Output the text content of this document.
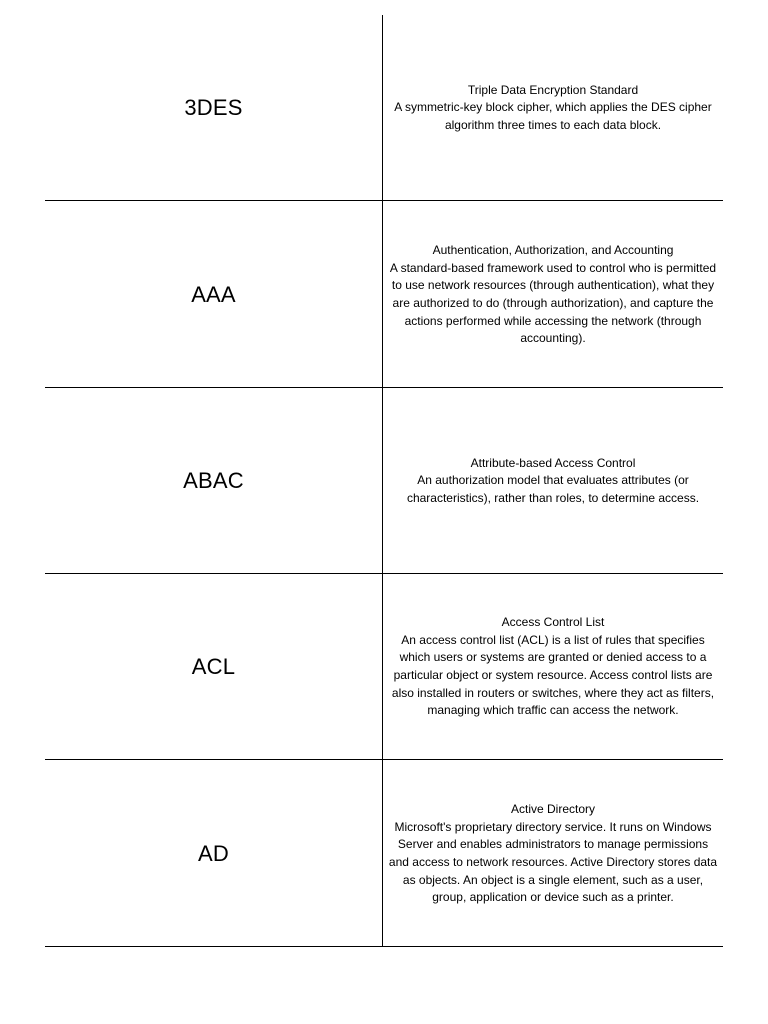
3DES
Triple Data Encryption Standard
A symmetric-key block cipher, which applies the DES cipher algorithm three times to each data block.
AAA
Authentication, Authorization, and Accounting
A standard-based framework used to control who is permitted to use network resources (through authentication), what they are authorized to do (through authorization), and capture the actions performed while accessing the network (through accounting).
ABAC
Attribute-based Access Control
An authorization model that evaluates attributes (or characteristics), rather than roles, to determine access.
ACL
Access Control List
An access control list (ACL) is a list of rules that specifies which users or systems are granted or denied access to a particular object or system resource. Access control lists are also installed in routers or switches, where they act as filters, managing which traffic can access the network.
AD
Active Directory
Microsoft's proprietary directory service. It runs on Windows Server and enables administrators to manage permissions and access to network resources. Active Directory stores data as objects. An object is a single element, such as a user, group, application or device such as a printer.
